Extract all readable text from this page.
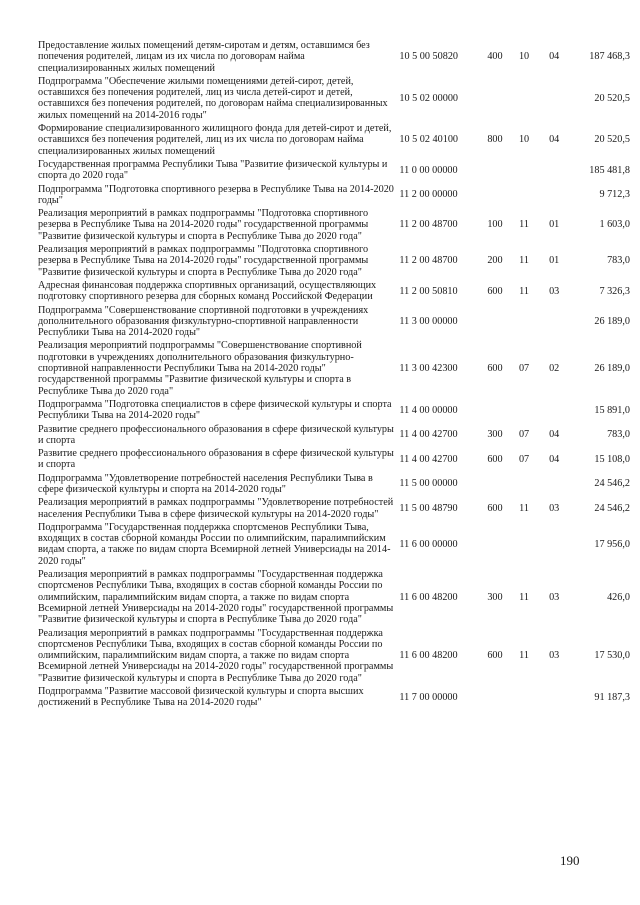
Предоставление жилых помещений детям-сиротам и детям, оставшимся без попечения родителей, лицам из их числа по договорам найма специализированных жилых помещений	10 5 00 50820	400	10	04	187 468,3
Подпрограмма "Обеспечение жилыми помещениями детей-сирот, детей, оставшихся без попечения родителей, лиц из числа детей-сирот и детей, оставшихся без попечения родителей, по договорам найма специализированных жилых помещений на 2014-2016 годы"	10 5 02 00000				20 520,5
Формирование специализированного жилищного фонда для детей-сирот и детей, оставшихся без попечения родителей, лиц из их числа по договорам найма специализированных жилых помещений	10 5 02 40100	800	10	04	20 520,5
Государственная программа Республики Тыва "Развитие физической культуры и спорта до 2020 года"	11 0 00 00000				185 481,8
Подпрограмма "Подготовка спортивного резерва в Республике Тыва на 2014-2020 годы"	11 2 00 00000				9 712,3
Реализация мероприятий в рамках подпрограммы "Подготовка спортивного резерва в Республике Тыва на 2014-2020 годы" государственной программы "Развитие физической культуры и спорта в Республике Тыва до 2020 года"	11 2 00 48700	100	11	01	1 603,0
Реализация мероприятий в рамках подпрограммы "Подготовка спортивного резерва в Республике Тыва на 2014-2020 годы" государственной программы "Развитие физической культуры и спорта в Республике Тыва до 2020 года"	11 2 00 48700	200	11	01	783,0
Адресная финансовая поддержка спортивных организаций, осуществляющих подготовку спортивного резерва для сборных команд Российской Федерации	11 2 00 50810	600	11	03	7 326,3
Подпрограмма "Совершенствование спортивной подготовки в учреждениях дополнительного образования физкультурно-спортивной направленности Республики Тыва на 2014-2020 годы"	11 3 00 00000				26 189,0
Реализация мероприятий подпрограммы "Совершенствование спортивной подготовки в учреждениях дополнительного образования физкультурно-спортивной направленности Республики Тыва на 2014-2020 годы" государственной программы "Развитие физической культуры и спорта в Республике Тыва до 2020 года"	11 3 00 42300	600	07	02	26 189,0
Подпрограмма "Подготовка специалистов в сфере физической культуры и спорта Республики Тыва на 2014-2020 годы"	11 4 00 00000				15 891,0
Развитие среднего профессионального образования в сфере физической культуры и спорта	11 4 00 42700	300	07	04	783,0
Развитие среднего профессионального образования в сфере физической культуры и спорта	11 4 00 42700	600	07	04	15 108,0
Подпрограмма "Удовлетворение потребностей населения Республики Тыва в сфере физической культуры и спорта на 2014-2020 годы"	11 5 00 00000				24 546,2
Реализация мероприятий в рамках подпрограммы "Удовлетворение потребностей населения Республики Тыва в сфере физической культуры на 2014-2020 годы"	11 5 00 48790	600	11	03	24 546,2
Подпрограмма "Государственная поддержка спортсменов Республики Тыва, входящих в состав сборной команды России по олимпийским, паралимпийским видам спорта, а также по видам спорта Всемирной летней Универсиады на 2014-2020 годы"	11 6 00 00000				17 956,0
Реализация мероприятий в рамках подпрограммы "Государственная поддержка спортсменов Республики Тыва, входящих в состав сборной команды России по олимпийским, паралимпийским видам спорта, а также по видам спорта Всемирной летней Универсиады на 2014-2020 годы" государственной программы "Развитие физической культуры и спорта в Республике Тыва до 2020 года"	11 6 00 48200	300	11	03	426,0
Реализация мероприятий в рамках подпрограммы "Государственная поддержка спортсменов Республики Тыва, входящих в состав сборной команды России по олимпийским, паралимпийским видам спорта, а также по видам спорта Всемирной летней Универсиады на 2014-2020 годы" государственной программы "Развитие физической культуры и спорта в Республике Тыва до 2020 года"	11 6 00 48200	600	11	03	17 530,0
Подпрограмма "Развитие массовой физической культуры и спорта высших достижений в Республике Тыва на 2014-2020 годы"	11 7 00 00000				91 187,3
190
